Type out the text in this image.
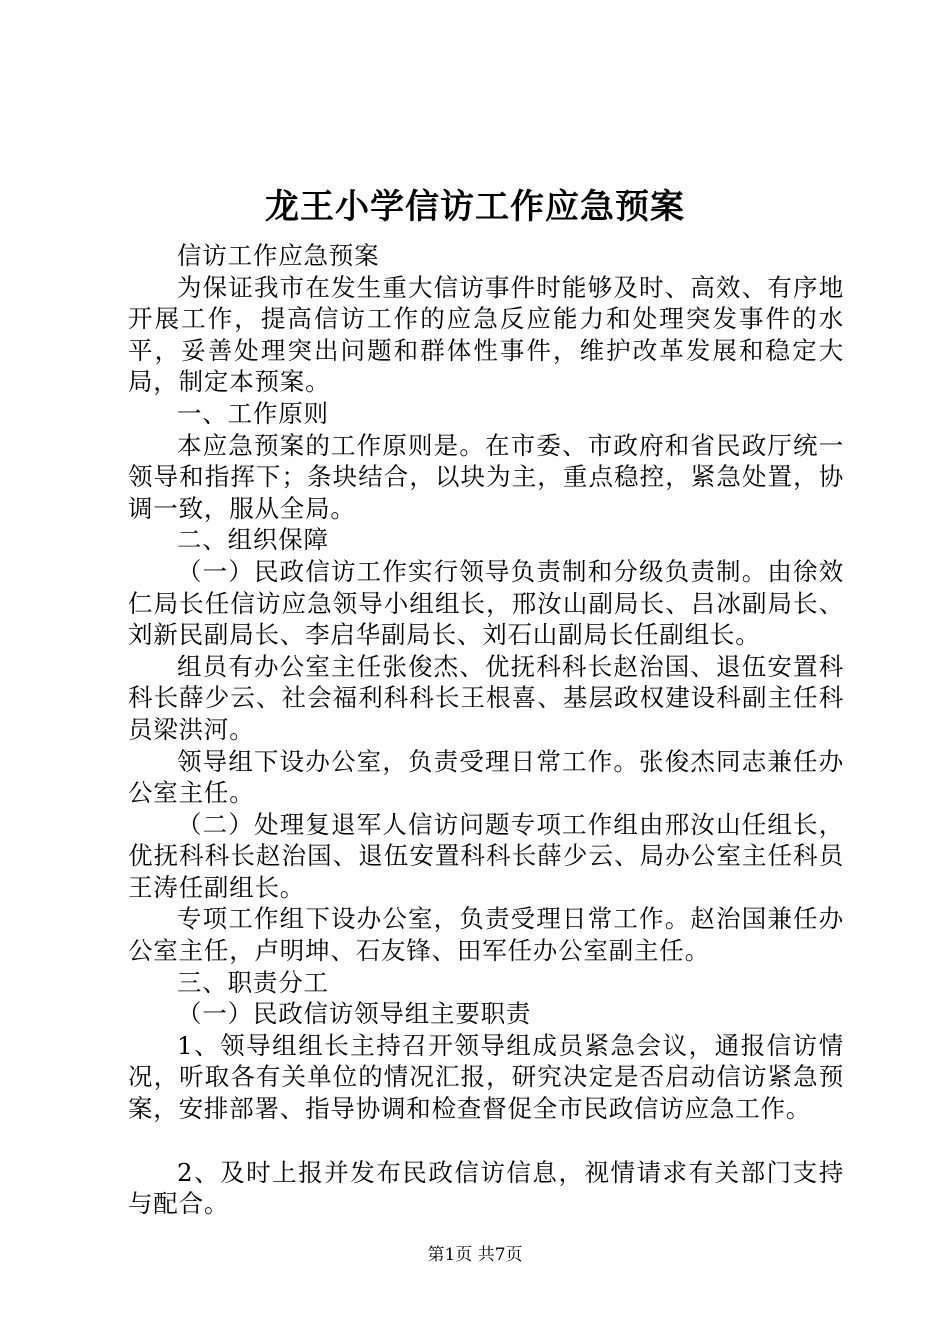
龙王小学信访工作应急预案

信访工作应急预案

为保证我市在发生重大信访事件时能够及时、高效、有序地开展工作，提高信访工作的应急反应能力和处理突发事件的水平，妥善处理突出问题和群体性事件，维护改革发展和稳定大局，制定本预案。

一、工作原则

本应急预案的工作原则是。在市委、市政府和省民政厅统一领导和指挥下；条块结合，以块为主，重点稳控，紧急处置，协调一致，服从全局。

二、组织保障

（一）民政信访工作实行领导负责制和分级负责制。由徐效仁局长任信访应急领导小组组长，邢汝山副局长、吕冰副局长、刘新民副局长、李启华副局长、刘石山副局长任副组长。

组员有办公室主任张俊杰、优抚科科长赵治国、退伍安置科科长薛少云、社会福利科科长王根喜、基层政权建设科副主任科员梁洪河。

领导组下设办公室，负责受理日常工作。张俊杰同志兼任办公室主任。

（二）处理复退军人信访问题专项工作组由邢汝山任组长，优抚科科长赵治国、退伍安置科科长薛少云、局办公室主任科员王涛任副组长。

专项工作组下设办公室，负责受理日常工作。赵治国兼任办公室主任，卢明坤、石友锋、田军任办公室副主任。

三、职责分工

（一）民政信访领导组主要职责

1、领导组组长主持召开领导组成员紧急会议，通报信访情况，听取各有关单位的情况汇报，研究决定是否启动信访紧急预案，安排部署、指导协调和检查督促全市民政信访应急工作。

2、及时上报并发布民政信访信息，视情请求有关部门支持与配合。

第1页 共7页
